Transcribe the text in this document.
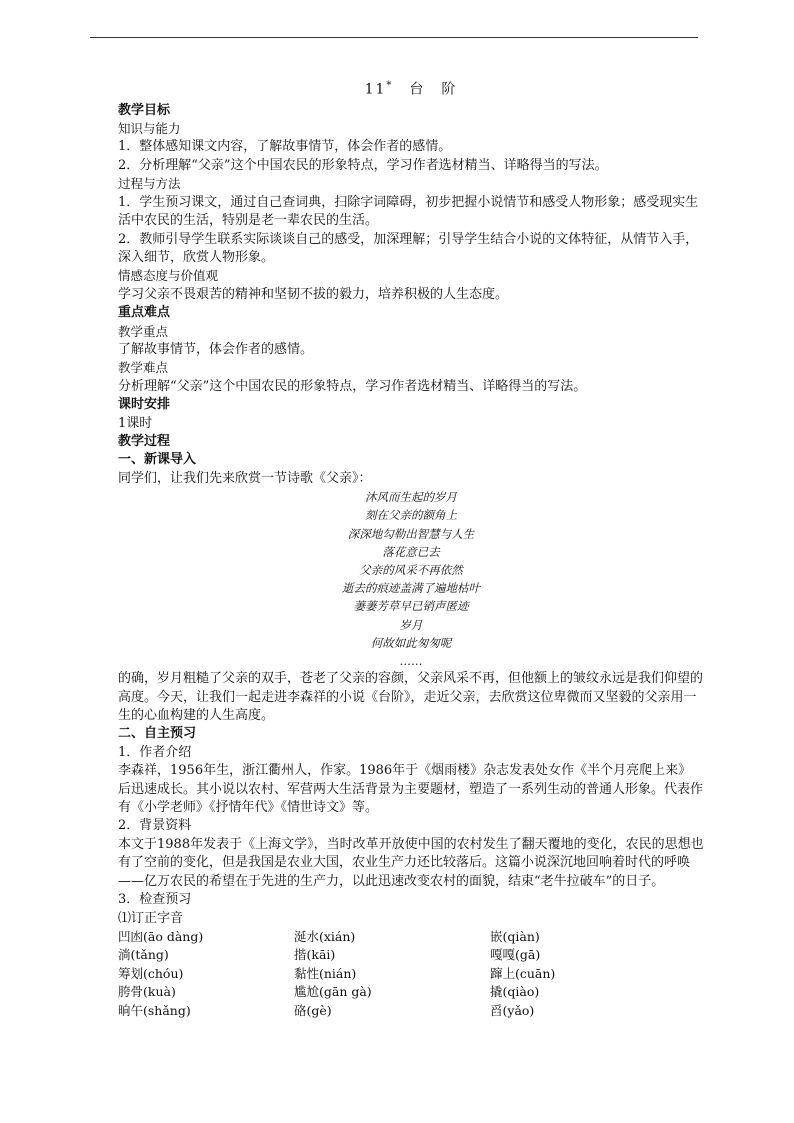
11*　 台　阶

教学目标

知识与能力

1．整体感知课文内容，了解故事情节，体会作者的感情。

2．分析理解“父亲”这个中国农民的形象特点，学习作者选材精当、详略得当的写法。

过程与方法

1．学生预习课文，通过自己查词典，扫除字词障碍，初步把握小说情节和感受人物形象；感受现实生活中农民的生活，特别是老一辈农民的生活。

2．教师引导学生联系实际谈谈自己的感受，加深理解；引导学生结合小说的文体特征，从情节入手，深入细节，欣赏人物形象。

情感态度与价值观

学习父亲不畏艰苦的精神和坚韧不拔的毅力，培养积极的人生态度。

重点难点

教学重点

了解故事情节，体会作者的感情。

教学难点

分析理解“父亲”这个中国农民的形象特点，学习作者选材精当、详略得当的写法。

课时安排

1课时

教学过程

一、新课导入

同学们，让我们先来欣赏一节诗歌《父亲》：

沐风而生起的岁月

刻在父亲的额角上

深深地勾勒出智慧与人生

落花意已去

父亲的风采不再依然

逝去的痕迹盖满了遍地枯叶

萋萋芳草早已销声匿迹

岁月

何故如此匆匆呢

……

的确，岁月粗糙了父亲的双手，苍老了父亲的容颜，父亲风采不再，但他额上的皱纹永远是我们仰望的高度。今天，让我们一起走进李森祥的小说《台阶》，走近父亲，去欣赏这位卑微而又坚毅的父亲用一生的心血构建的人生高度。

二、自主预习

1．作者介绍

李森祥，1956年生，浙江衢州人，作家。1986年于《烟雨楼》杂志发表处女作《半个月亮爬上来》后迅速成长。其小说以农村、军营两大生活背景为主要题材，塑造了一系列生动的普通人形象。代表作有《小学老师》《抒情年代》《情世诗文》等。

2．背景资料

本文于1988年发表于《上海文学》，当时改革开放使中国的农村发生了翻天覆地的变化，农民的思想也有了空前的变化，但是我国是农业大国，农业生产力还比较落后。这篇小说深沉地回响着时代的呼唤——亿万农民的希望在于先进的生产力，以此迅速改变农村的面貌，结束“老牛拉破车”的日子。

3．检查预习

⑴订正字音

凹凼(āo dàng)	涎水(xián)	嵌(qiàn)
淌(tǎng)	揩(kāi)	嘎嘎(gā)
筹划(chóu)	黏性(nián)	蹿上(cuān)
胯骨(kuà)	尴尬(gān gà)	撬(qiào)
晌午(shǎng)	硌(gè)	舀(yǎo)
